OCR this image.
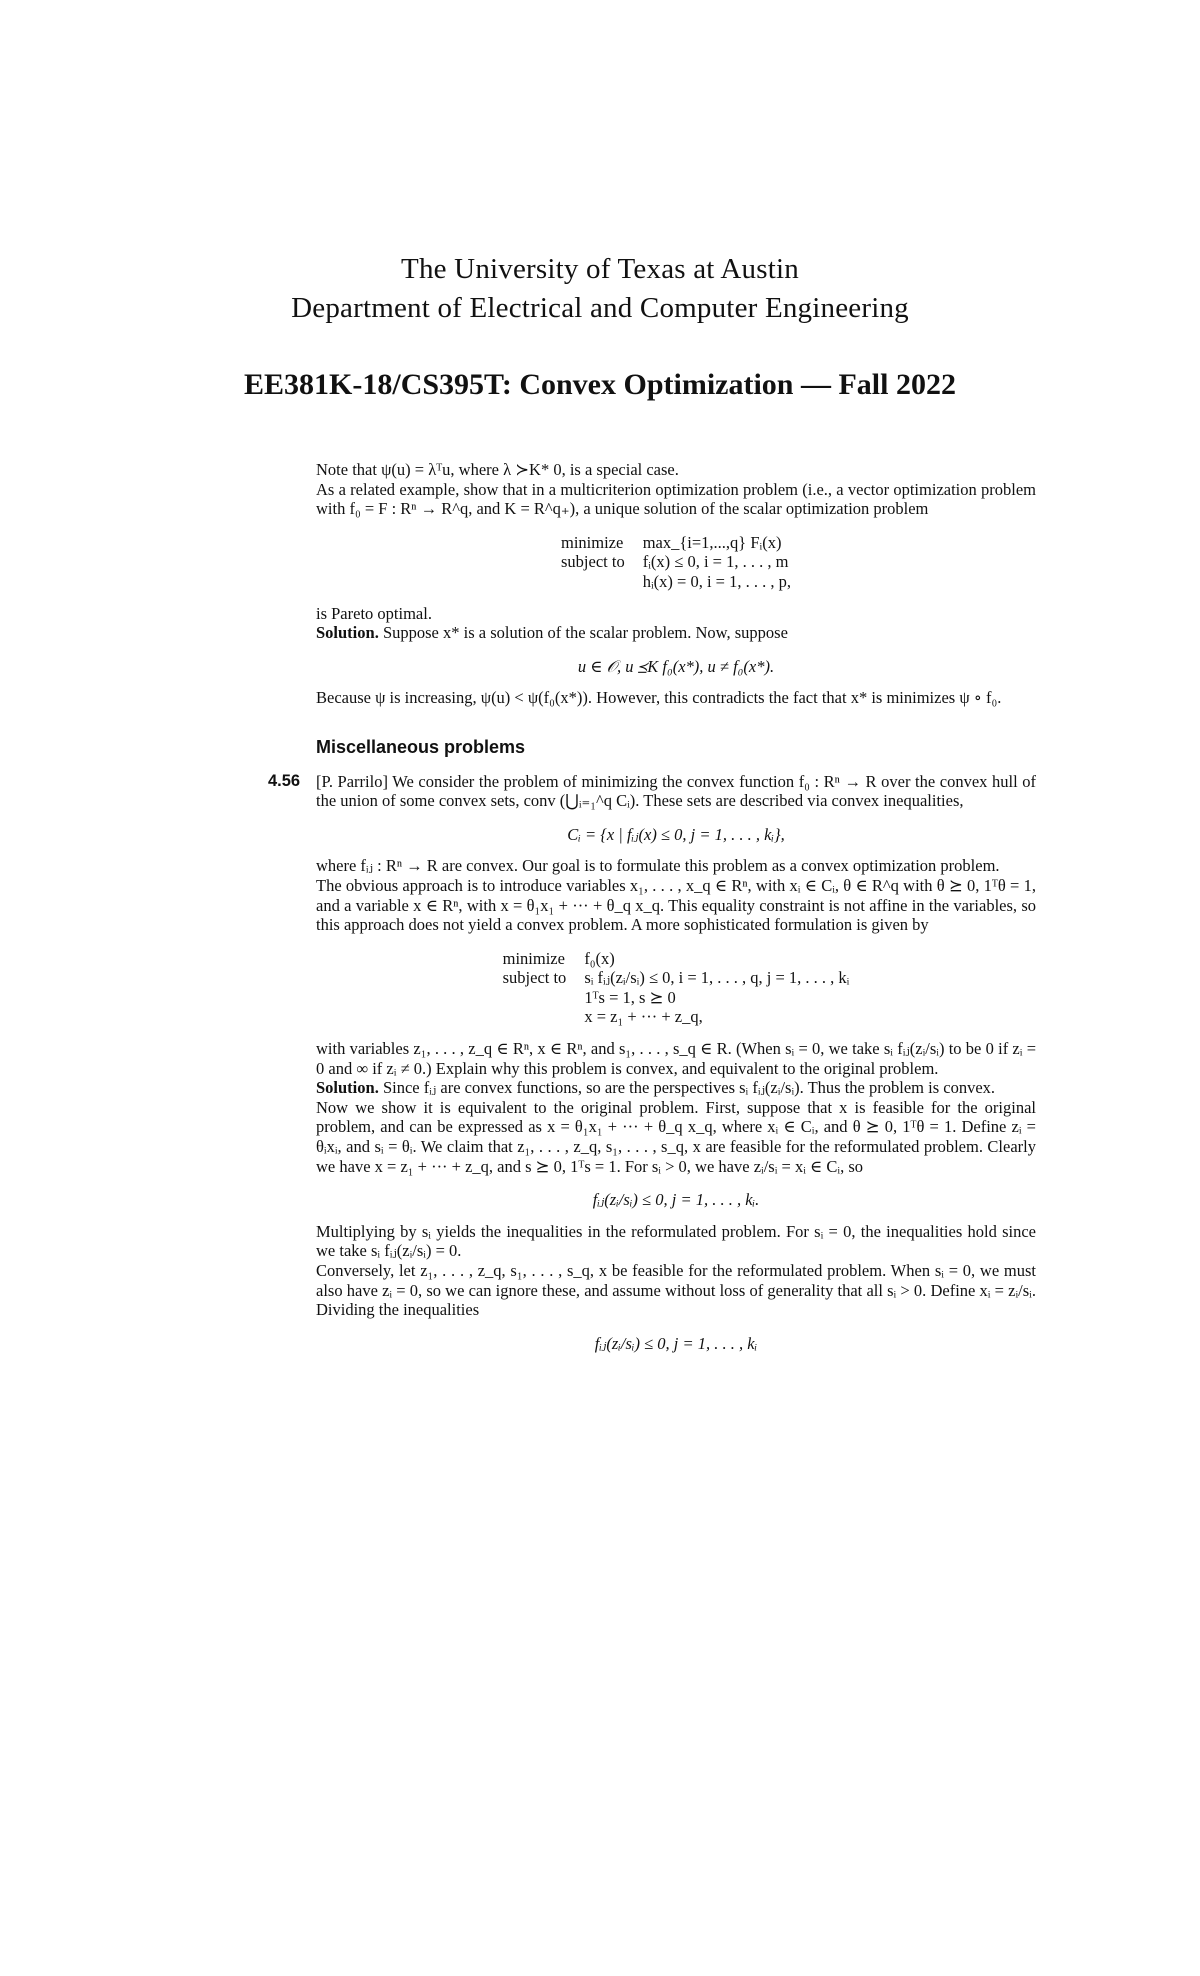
The University of Texas at Austin
Department of Electrical and Computer Engineering
EE381K-18/CS395T: Convex Optimization — Fall 2022

Note that ψ(u) = λᵀu, where λ ≻K* 0, is a special case.

As a related example, show that in a multicriterion optimization problem (i.e., a vector optimization problem with f₀ = F : Rⁿ → R^q, and K = R^q₊), a unique solution of the scalar optimization problem

minimize max_{i=1,...,q} Fᵢ(x)
subject to fᵢ(x) ≤ 0, i = 1, . . . , m
hᵢ(x) = 0, i = 1, . . . , p,

is Pareto optimal.

Solution. Suppose x* is a solution of the scalar problem. Now, suppose

u ∈ 𝒪, u ⪯K f₀(x*), u ≠ f₀(x*).

Because ψ is increasing, ψ(u) < ψ(f₀(x*)). However, this contradicts the fact that x* is minimizes ψ ∘ f₀.

Miscellaneous problems
4.56 [P. Parrilo] We consider the problem of minimizing the convex function f₀ : Rⁿ → R over the convex hull of the union of some convex sets, conv (⋃ᵢ₌₁^q Cᵢ). These sets are described via convex inequalities,

Cᵢ = {x | fᵢⱼ(x) ≤ 0, j = 1, . . . , kᵢ},

where fᵢⱼ : Rⁿ → R are convex. Our goal is to formulate this problem as a convex optimization problem.

The obvious approach is to introduce variables x₁, . . . , x_q ∈ Rⁿ, with xᵢ ∈ Cᵢ, θ ∈ R^q with θ ⪰ 0, 1ᵀθ = 1, and a variable x ∈ Rⁿ, with x = θ₁x₁ + ··· + θ_q x_q. This equality constraint is not affine in the variables, so this approach does not yield a convex problem. A more sophisticated formulation is given by

minimize f₀(x)
subject to sᵢ fᵢⱼ(zᵢ/sᵢ) ≤ 0, i = 1, . . . , q, j = 1, . . . , kᵢ
1ᵀs = 1, s ⪰ 0
x = z₁ + ··· + z_q,

with variables z₁, . . . , z_q ∈ Rⁿ, x ∈ Rⁿ, and s₁, . . . , s_q ∈ R. (When sᵢ = 0, we take sᵢ fᵢⱼ(zᵢ/sᵢ) to be 0 if zᵢ = 0 and ∞ if zᵢ ≠ 0.) Explain why this problem is convex, and equivalent to the original problem.

Solution. Since fᵢⱼ are convex functions, so are the perspectives sᵢ fᵢⱼ(zᵢ/sᵢ). Thus the problem is convex.

Now we show it is equivalent to the original problem. First, suppose that x is feasible for the original problem, and can be expressed as x = θ₁x₁ + ··· + θ_q x_q, where xᵢ ∈ Cᵢ, and θ ⪰ 0, 1ᵀθ = 1. Define zᵢ = θᵢxᵢ, and sᵢ = θᵢ. We claim that z₁, . . . , z_q, s₁, . . . , s_q, x are feasible for the reformulated problem. Clearly we have x = z₁ + ··· + z_q, and s ⪰ 0, 1ᵀs = 1. For sᵢ > 0, we have zᵢ/sᵢ = xᵢ ∈ Cᵢ, so

fᵢⱼ(zᵢ/sᵢ) ≤ 0, j = 1, . . . , kᵢ.

Multiplying by sᵢ yields the inequalities in the reformulated problem. For sᵢ = 0, the inequalities hold since we take sᵢ fᵢⱼ(zᵢ/sᵢ) = 0.

Conversely, let z₁, . . . , z_q, s₁, . . . , s_q, x be feasible for the reformulated problem. When sᵢ = 0, we must also have zᵢ = 0, so we can ignore these, and assume without loss of generality that all sᵢ > 0. Define xᵢ = zᵢ/sᵢ. Dividing the inequalities

fᵢⱼ(zᵢ/sᵢ) ≤ 0, j = 1, . . . , kᵢ
